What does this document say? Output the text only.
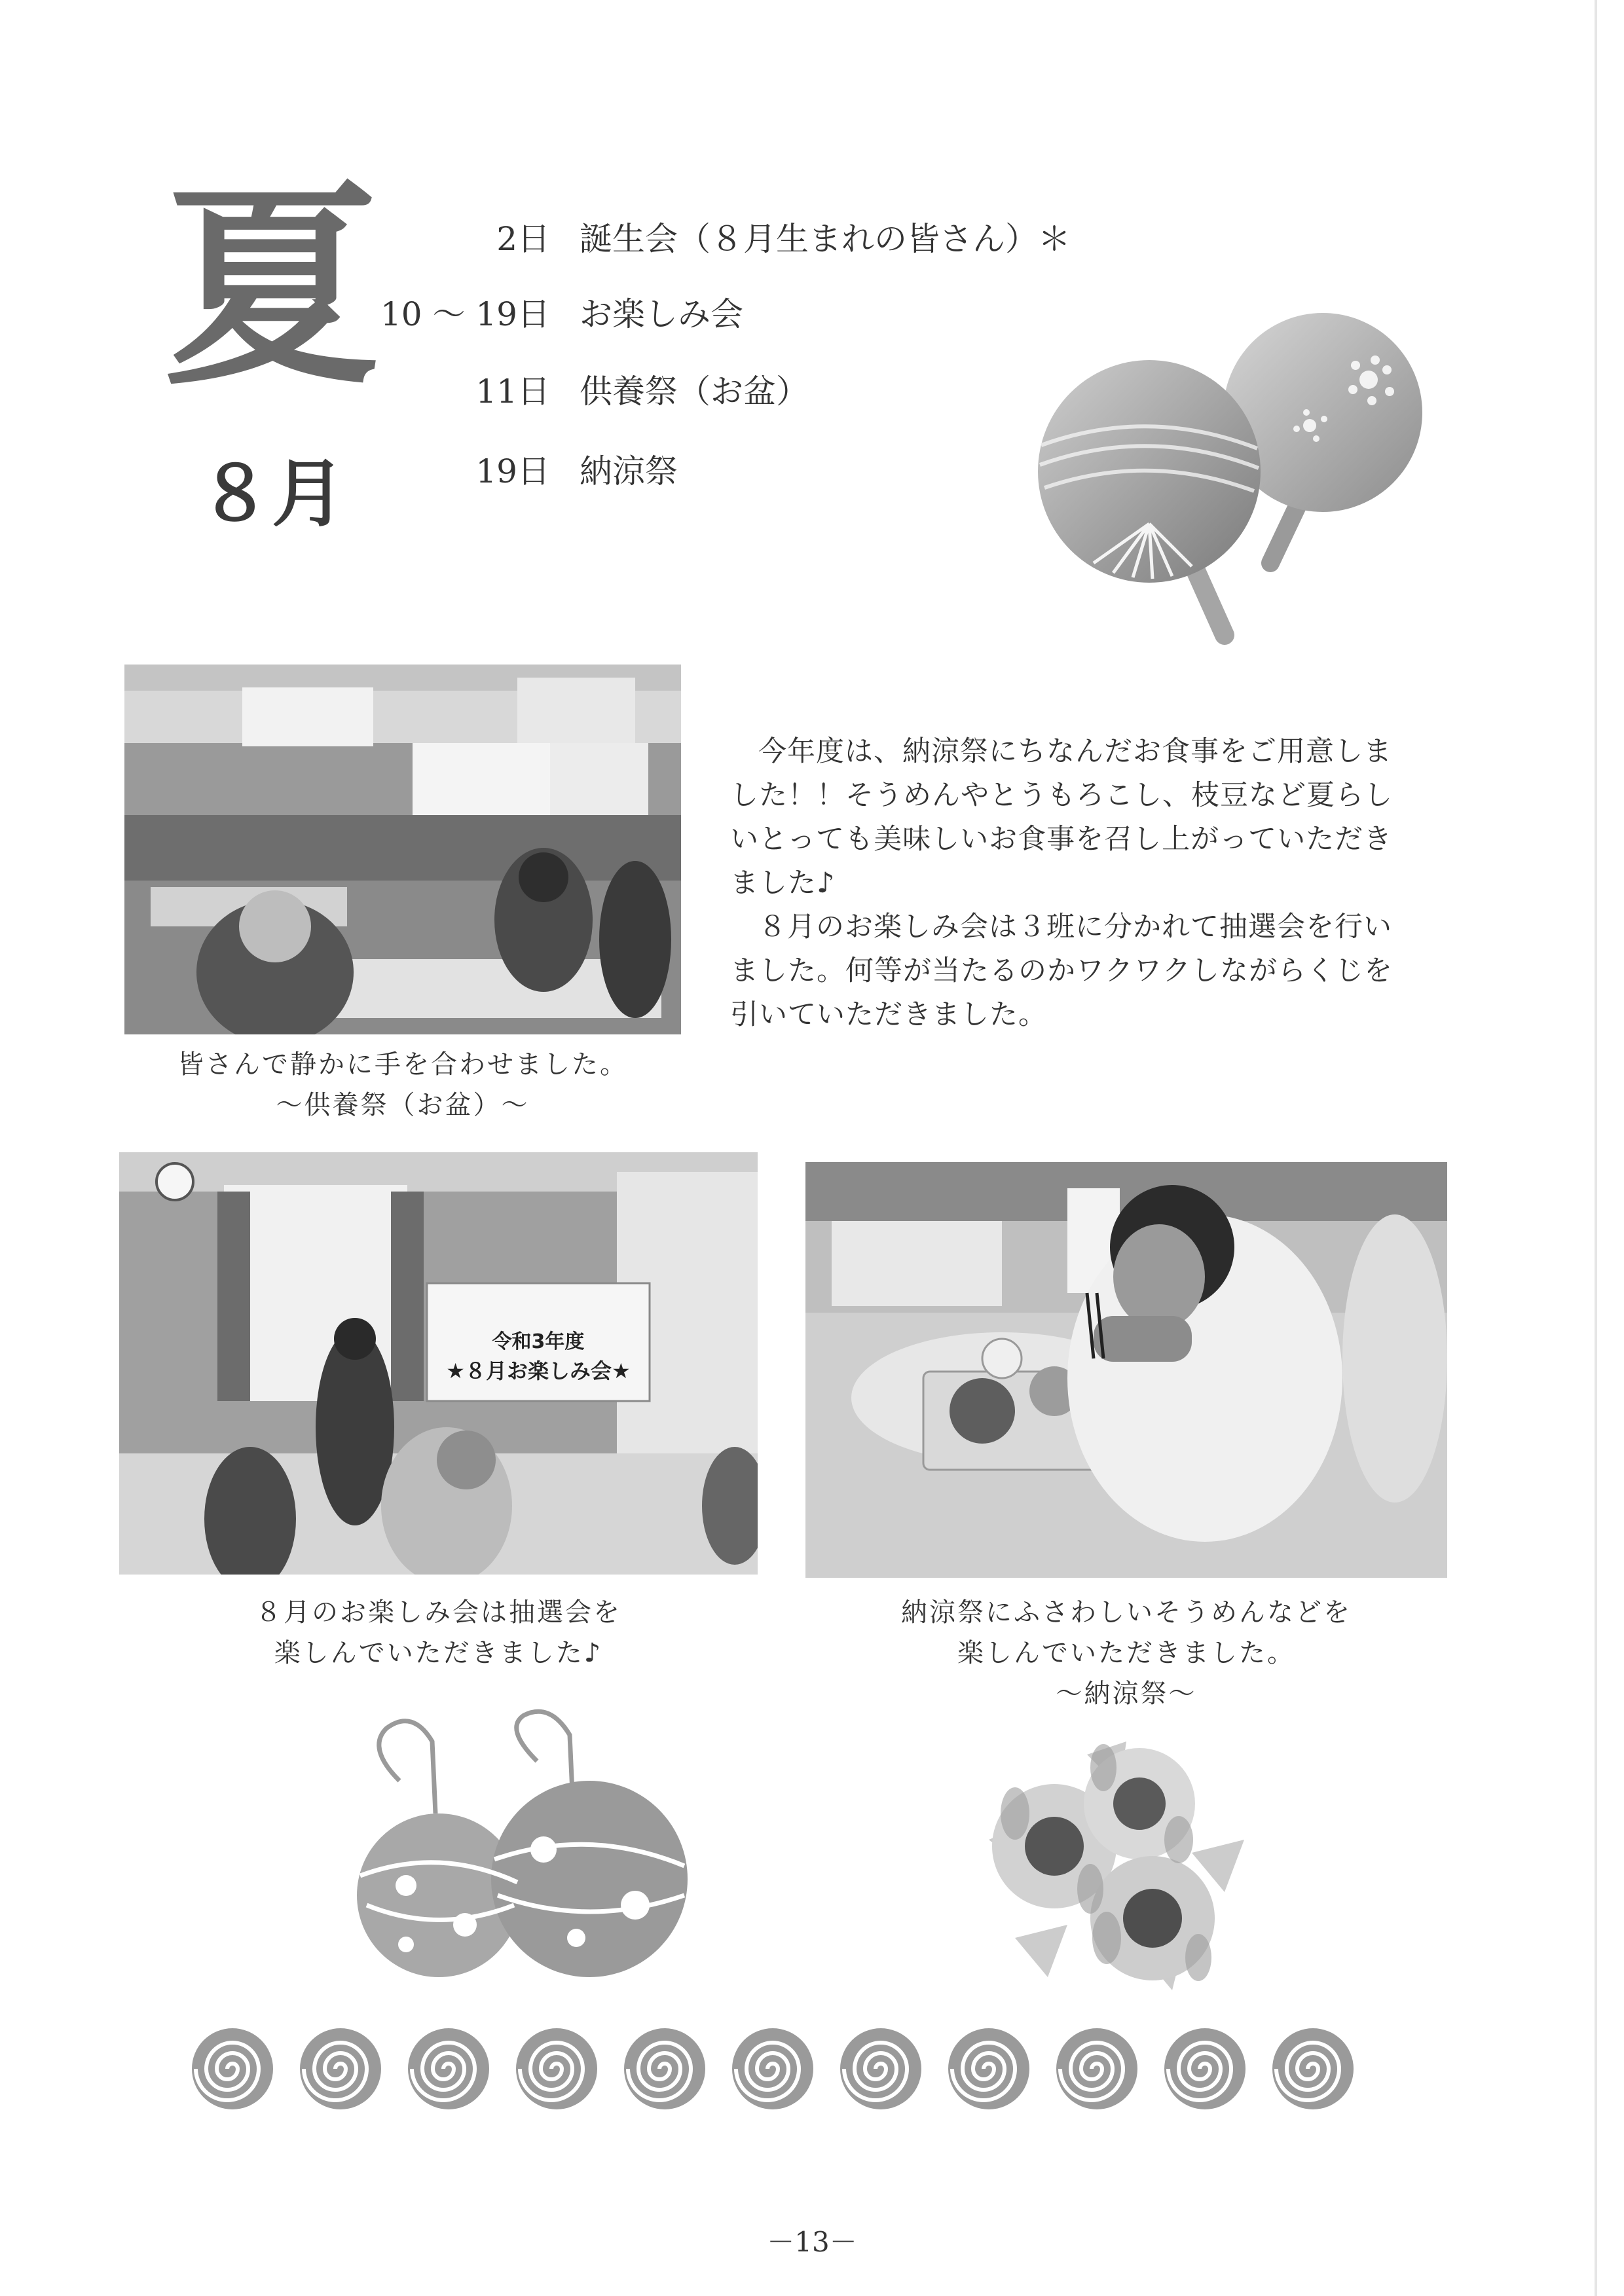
夏
８月
2日 誕生会（８月生まれの皆さん）＊
10 ～ 19日 お楽しみ会
11日 供養祭（お盆）
19日 納涼祭
皆さんで静かに手を合わせました。
～供養祭（お盆）～

今年度は、納涼祭にちなんだお食事をご用意しました！！そうめんやとうもろこし、枝豆など夏らしいとっても美味しいお食事を召し上がっていただきました♪

８月のお楽しみ会は３班に分かれて抽選会を行いました。何等が当たるのかワクワクしながらくじを引いていただきました。

令和3年度
★８月お楽しみ会★
８月のお楽しみ会は抽選会を
楽しんでいただきました♪
納涼祭にふさわしいそうめんなどを
楽しんでいただきました。
～納涼祭～
－13－
